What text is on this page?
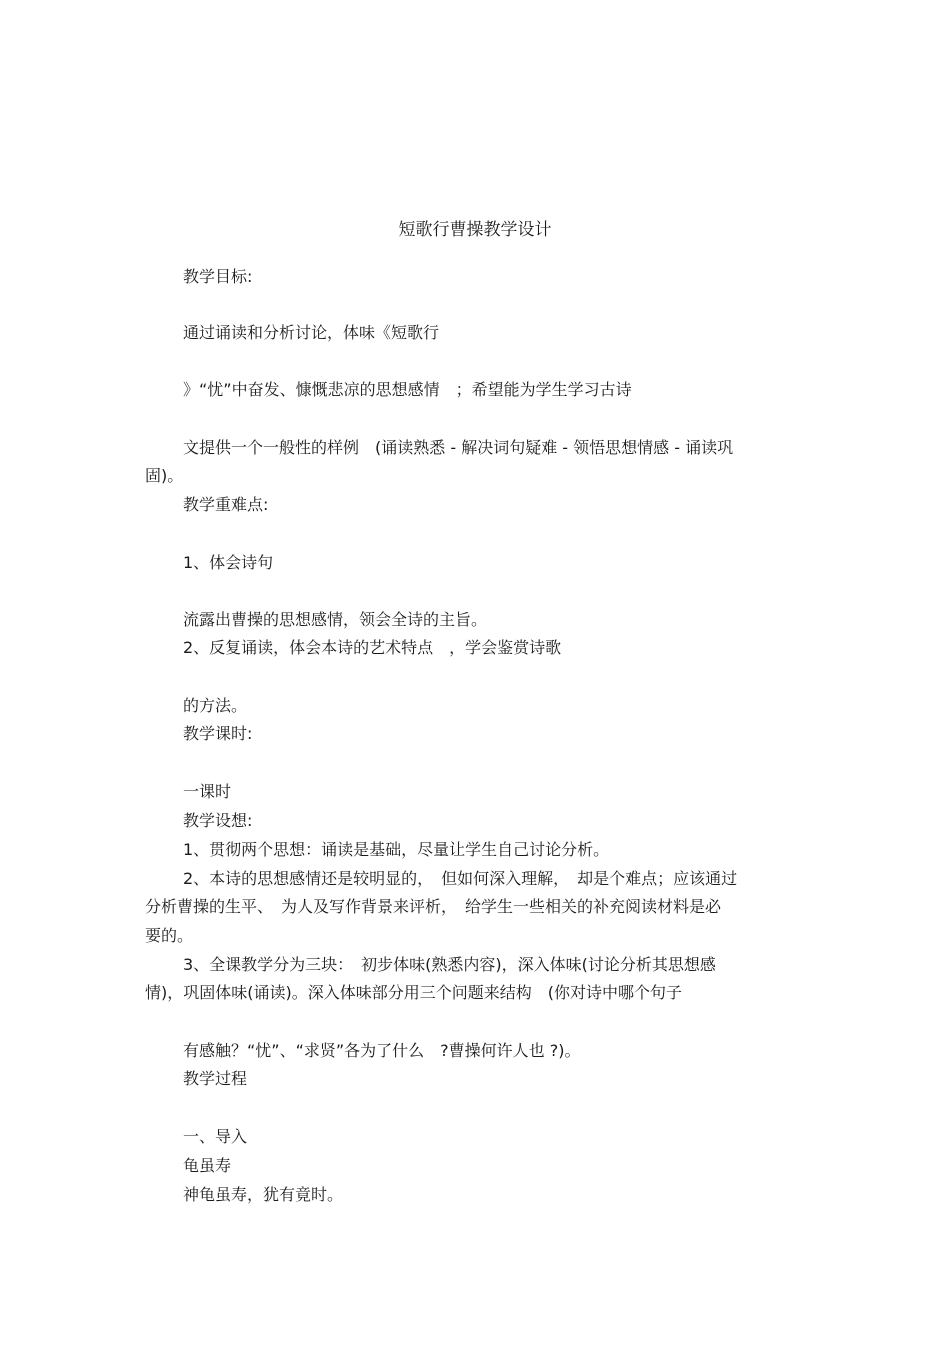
短歌行曹操教学设计
教学目标:
通过诵读和分析讨论，体味《短歌行
》“忧”中奋发、慷慨悲凉的思想感情　；希望能为学生学习古诗
文提供一个一般性的样例　(诵读熟悉 - 解决词句疑难 - 领悟思想情感 - 诵读巩
固)。
教学重难点:
1、体会诗句
流露出曹操的思想感情，领会全诗的主旨。
2、反复诵读，体会本诗的艺术特点　，学会鉴赏诗歌
的方法。
教学课时:
一课时
教学设想:
1、贯彻两个思想：诵读是基础，尽量让学生自己讨论分析。
2、本诗的思想感情还是较明显的，　但如何深入理解，　却是个难点；应该通过
分析曹操的生平、　为人及写作背景来评析，　给学生一些相关的补充阅读材料是必
要的。
3、全课教学分为三块：　初步体味(熟悉内容)，深入体味(讨论分析其思想感
情)，巩固体味(诵读)。深入体味部分用三个问题来结构　(你对诗中哪个句子
有感触？“忧”、“求贤”各为了什么　?曹操何许人也 ?)。
教学过程
一、导入
龟虽寿
神龟虽寿，犹有竟时。
